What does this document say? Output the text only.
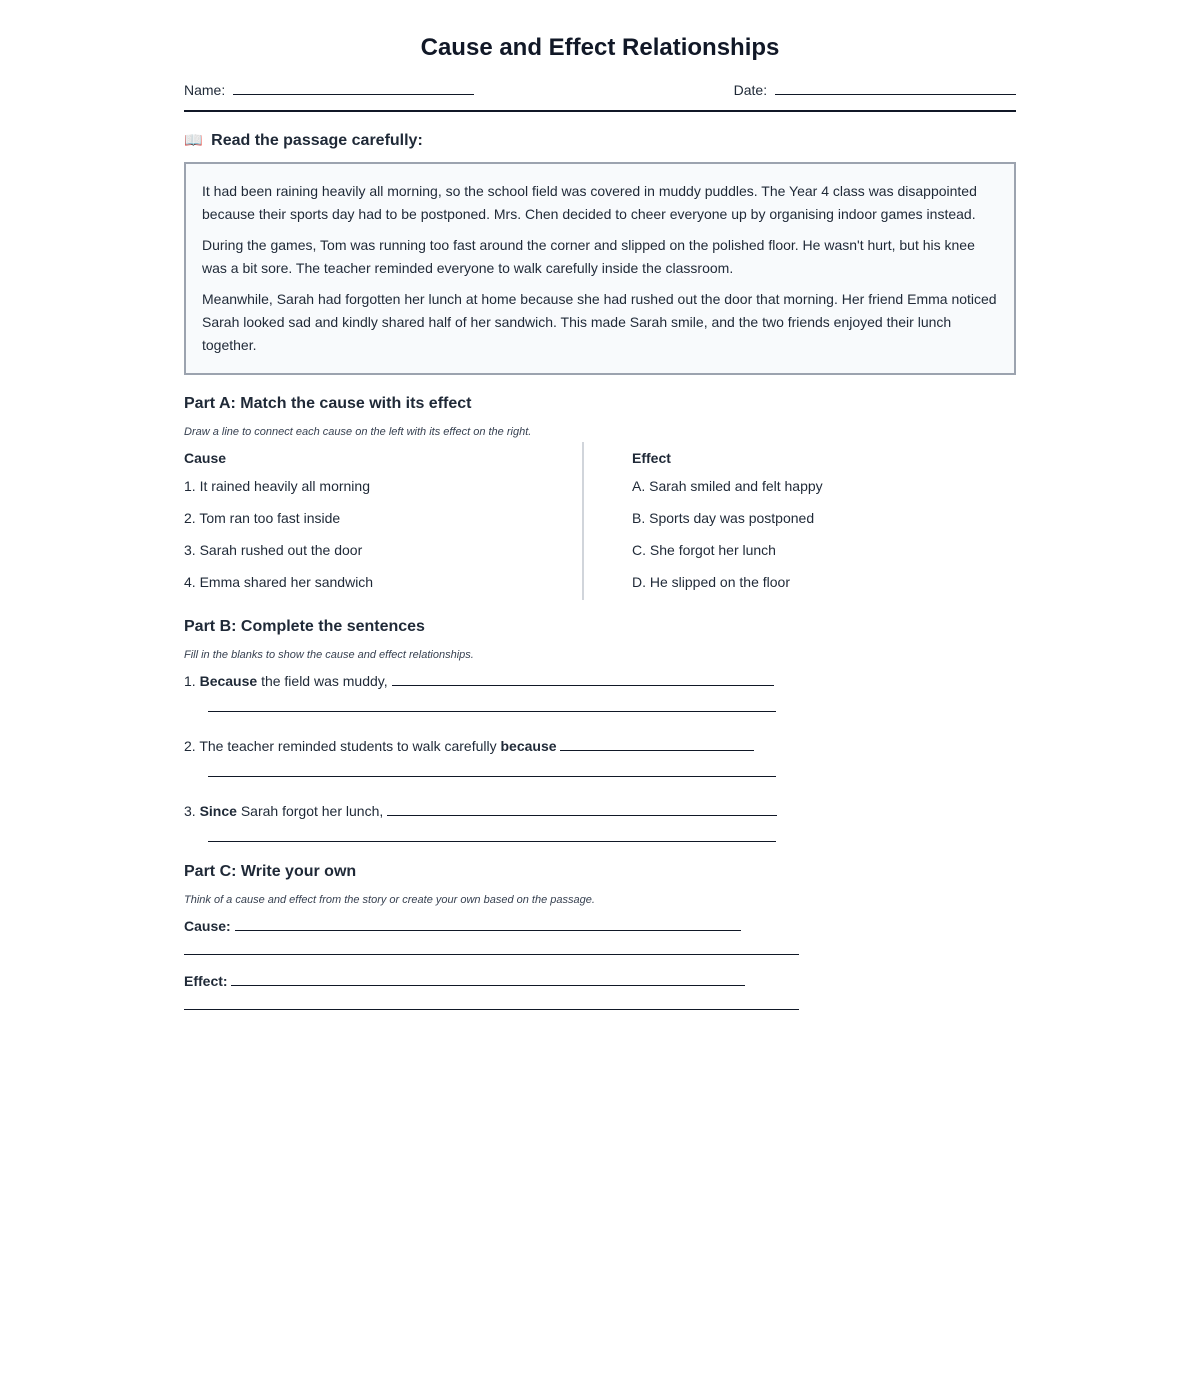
Cause and Effect Relationships
Name:	Date:
📖 Read the passage carefully:

It had been raining heavily all morning, so the school field was covered in muddy puddles. The Year 4 class was disappointed because their sports day had to be postponed. Mrs. Chen decided to cheer everyone up by organising indoor games instead.

During the games, Tom was running too fast around the corner and slipped on the polished floor. He wasn't hurt, but his knee was a bit sore. The teacher reminded everyone to walk carefully inside the classroom.

Meanwhile, Sarah had forgotten her lunch at home because she had rushed out the door that morning. Her friend Emma noticed Sarah looked sad and kindly shared half of her sandwich. This made Sarah smile, and the two friends enjoyed their lunch together.

Part A: Match the cause with its effect
Draw a line to connect each cause on the left with its effect on the right.
Cause
1. It rained heavily all morning
2. Tom ran too fast inside
3. Sarah rushed out the door
4. Emma shared her sandwich
Effect
A. Sarah smiled and felt happy
B. Sports day was postponed
C. She forgot her lunch
D. He slipped on the floor
Part B: Complete the sentences
Fill in the blanks to show the cause and effect relationships.
1. Because the field was muddy,
2. The teacher reminded students to walk carefully because
3. Since Sarah forgot her lunch,
Part C: Write your own
Think of a cause and effect from the story or create your own based on the passage.
Cause:
Effect:
